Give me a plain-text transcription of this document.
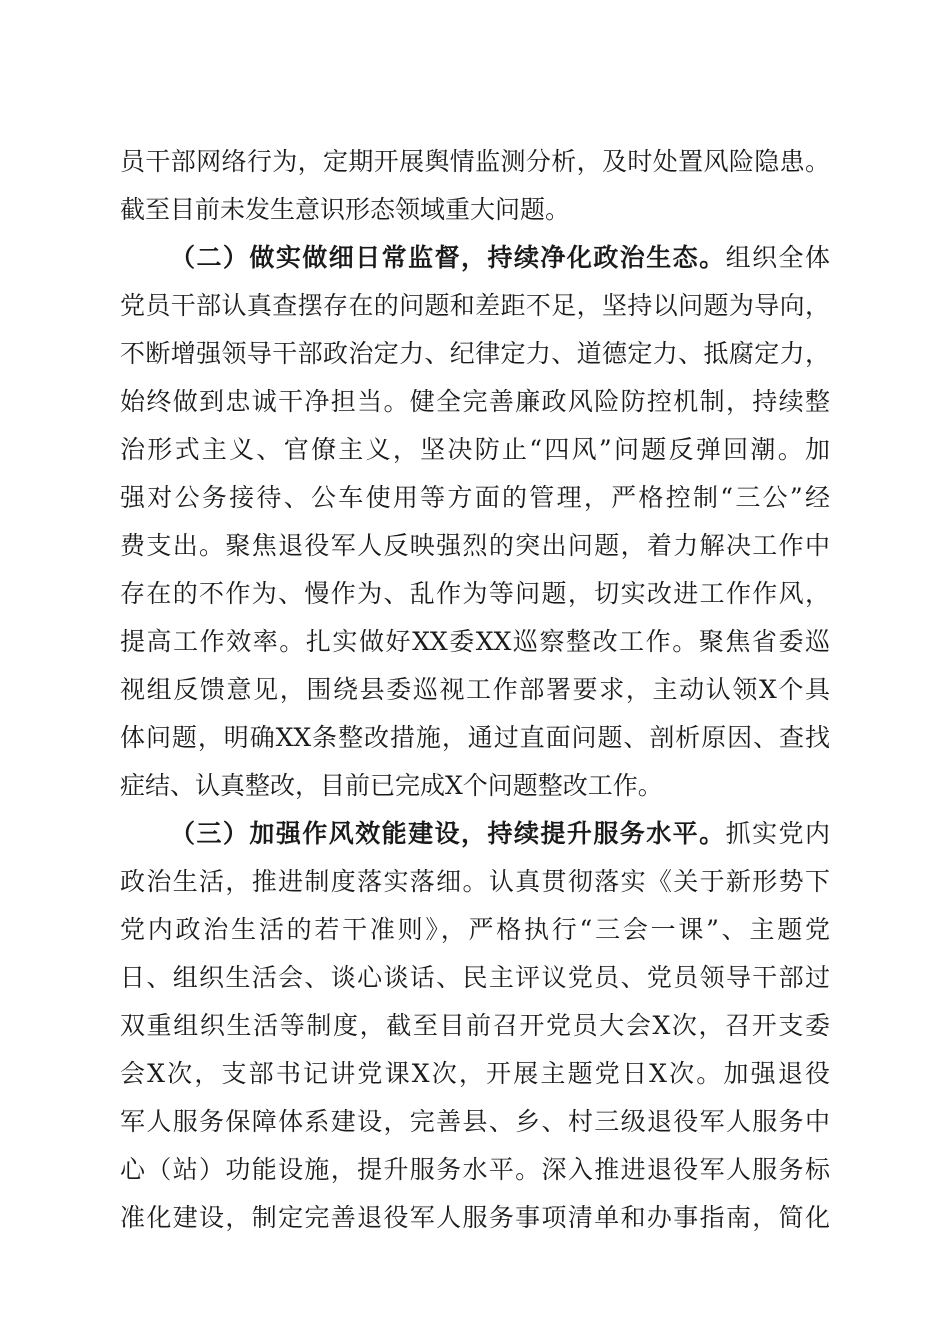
员干部网络行为，定期开展舆情监测分析，及时处置风险隐患。
截至目前未发生意识形态领域重大问题。
（二）做实做细日常监督，持续净化政治生态。组织全体
党员干部认真查摆存在的问题和差距不足，坚持以问题为导向，
不断增强领导干部政治定力、纪律定力、道德定力、抵腐定力，
始终做到忠诚干净担当。健全完善廉政风险防控机制，持续整
治形式主义、官僚主义，坚决防止“四风”问题反弹回潮。加
强对公务接待、公车使用等方面的管理，严格控制“三公”经
费支出。聚焦退役军人反映强烈的突出问题，着力解决工作中
存在的不作为、慢作为、乱作为等问题，切实改进工作作风，
提高工作效率。扎实做好XX委XX巡察整改工作。聚焦省委巡
视组反馈意见，围绕县委巡视工作部署要求，主动认领X个具
体问题，明确XX条整改措施，通过直面问题、剖析原因、查找
症结、认真整改，目前已完成X个问题整改工作。
（三）加强作风效能建设，持续提升服务水平。抓实党内
政治生活，推进制度落实落细。认真贯彻落实《关于新形势下
党内政治生活的若干准则》，严格执行“三会一课”、主题党
日、组织生活会、谈心谈话、民主评议党员、党员领导干部过
双重组织生活等制度，截至目前召开党员大会X次，召开支委
会X次，支部书记讲党课X次，开展主题党日X次。加强退役
军人服务保障体系建设，完善县、乡、村三级退役军人服务中
心（站）功能设施，提升服务水平。深入推进退役军人服务标
准化建设，制定完善退役军人服务事项清单和办事指南，简化
